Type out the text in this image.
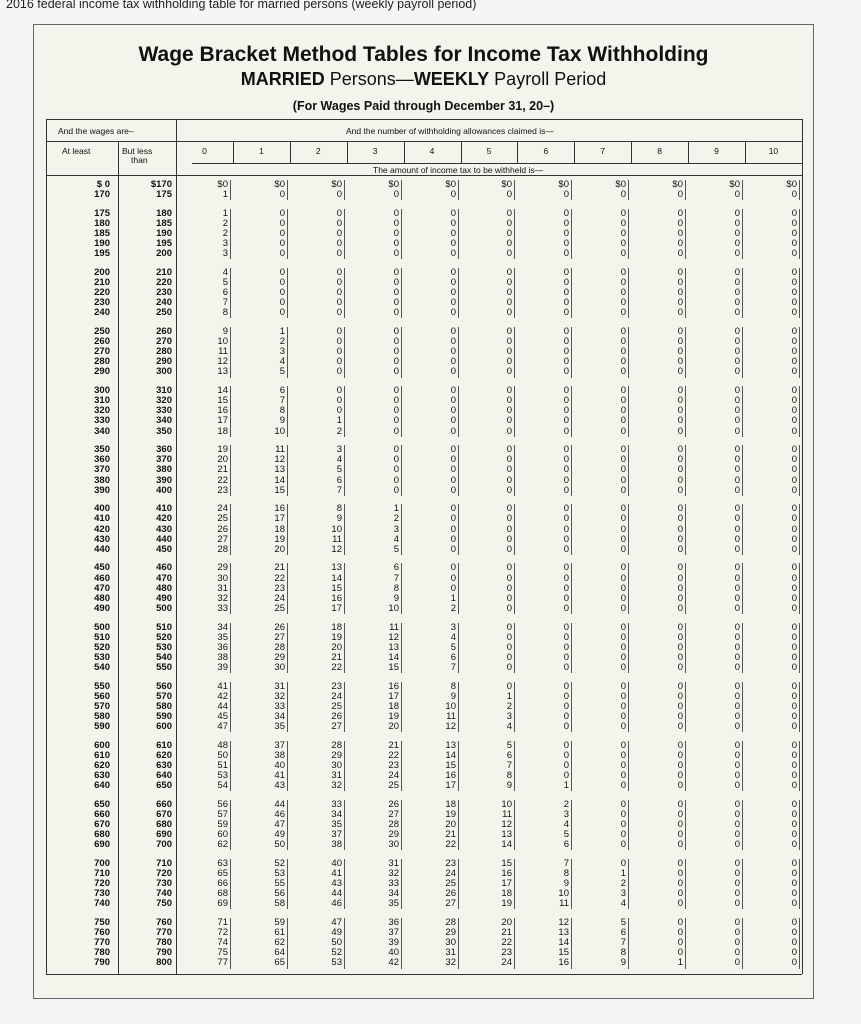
2016 federal income tax withholding table for married persons (weekly payroll period)
Wage Bracket Method Tables for Income Tax Withholding
MARRIED Persons—WEEKLY Payroll Period
(For Wages Paid through December 31, 20–)
And the wages are–	And the number of withholding allowances claimed is—
At least	But less
than
The amount of income tax to be withheld is—
0	1	2	3	4	5	6	7	8	9	10
$ 0	$170	$0	$0	$0	$0	$0	$0	$0	$0	$0	$0	$0
170	175	1	0	0	0	0	0	0	0	0	0	0
175	180	1	0	0	0	0	0	0	0	0	0	0
180	185	2	0	0	0	0	0	0	0	0	0	0
185	190	2	0	0	0	0	0	0	0	0	0	0
190	195	3	0	0	0	0	0	0	0	0	0	0
195	200	3	0	0	0	0	0	0	0	0	0	0
200	210	4	0	0	0	0	0	0	0	0	0	0
210	220	5	0	0	0	0	0	0	0	0	0	0
220	230	6	0	0	0	0	0	0	0	0	0	0
230	240	7	0	0	0	0	0	0	0	0	0	0
240	250	8	0	0	0	0	0	0	0	0	0	0
250	260	9	1	0	0	0	0	0	0	0	0	0
260	270	10	2	0	0	0	0	0	0	0	0	0
270	280	11	3	0	0	0	0	0	0	0	0	0
280	290	12	4	0	0	0	0	0	0	0	0	0
290	300	13	5	0	0	0	0	0	0	0	0	0
300	310	14	6	0	0	0	0	0	0	0	0	0
310	320	15	7	0	0	0	0	0	0	0	0	0
320	330	16	8	0	0	0	0	0	0	0	0	0
330	340	17	9	1	0	0	0	0	0	0	0	0
340	350	18	10	2	0	0	0	0	0	0	0	0
350	360	19	11	3	0	0	0	0	0	0	0	0
360	370	20	12	4	0	0	0	0	0	0	0	0
370	380	21	13	5	0	0	0	0	0	0	0	0
380	390	22	14	6	0	0	0	0	0	0	0	0
390	400	23	15	7	0	0	0	0	0	0	0	0
400	410	24	16	8	1	0	0	0	0	0	0	0
410	420	25	17	9	2	0	0	0	0	0	0	0
420	430	26	18	10	3	0	0	0	0	0	0	0
430	440	27	19	11	4	0	0	0	0	0	0	0
440	450	28	20	12	5	0	0	0	0	0	0	0
450	460	29	21	13	6	0	0	0	0	0	0	0
460	470	30	22	14	7	0	0	0	0	0	0	0
470	480	31	23	15	8	0	0	0	0	0	0	0
480	490	32	24	16	9	1	0	0	0	0	0	0
490	500	33	25	17	10	2	0	0	0	0	0	0
500	510	34	26	18	11	3	0	0	0	0	0	0
510	520	35	27	19	12	4	0	0	0	0	0	0
520	530	36	28	20	13	5	0	0	0	0	0	0
530	540	38	29	21	14	6	0	0	0	0	0	0
540	550	39	30	22	15	7	0	0	0	0	0	0
550	560	41	31	23	16	8	0	0	0	0	0	0
560	570	42	32	24	17	9	1	0	0	0	0	0
570	580	44	33	25	18	10	2	0	0	0	0	0
580	590	45	34	26	19	11	3	0	0	0	0	0
590	600	47	35	27	20	12	4	0	0	0	0	0
600	610	48	37	28	21	13	5	0	0	0	0	0
610	620	50	38	29	22	14	6	0	0	0	0	0
620	630	51	40	30	23	15	7	0	0	0	0	0
630	640	53	41	31	24	16	8	0	0	0	0	0
640	650	54	43	32	25	17	9	1	0	0	0	0
650	660	56	44	33	26	18	10	2	0	0	0	0
660	670	57	46	34	27	19	11	3	0	0	0	0
670	680	59	47	35	28	20	12	4	0	0	0	0
680	690	60	49	37	29	21	13	5	0	0	0	0
690	700	62	50	38	30	22	14	6	0	0	0	0
700	710	63	52	40	31	23	15	7	0	0	0	0
710	720	65	53	41	32	24	16	8	1	0	0	0
720	730	66	55	43	33	25	17	9	2	0	0	0
730	740	68	56	44	34	26	18	10	3	0	0	0
740	750	69	58	46	35	27	19	11	4	0	0	0
750	760	71	59	47	36	28	20	12	5	0	0	0
760	770	72	61	49	37	29	21	13	6	0	0	0
770	780	74	62	50	39	30	22	14	7	0	0	0
780	790	75	64	52	40	31	23	15	8	0	0	0
790	800	77	65	53	42	32	24	16	9	1	0	0
